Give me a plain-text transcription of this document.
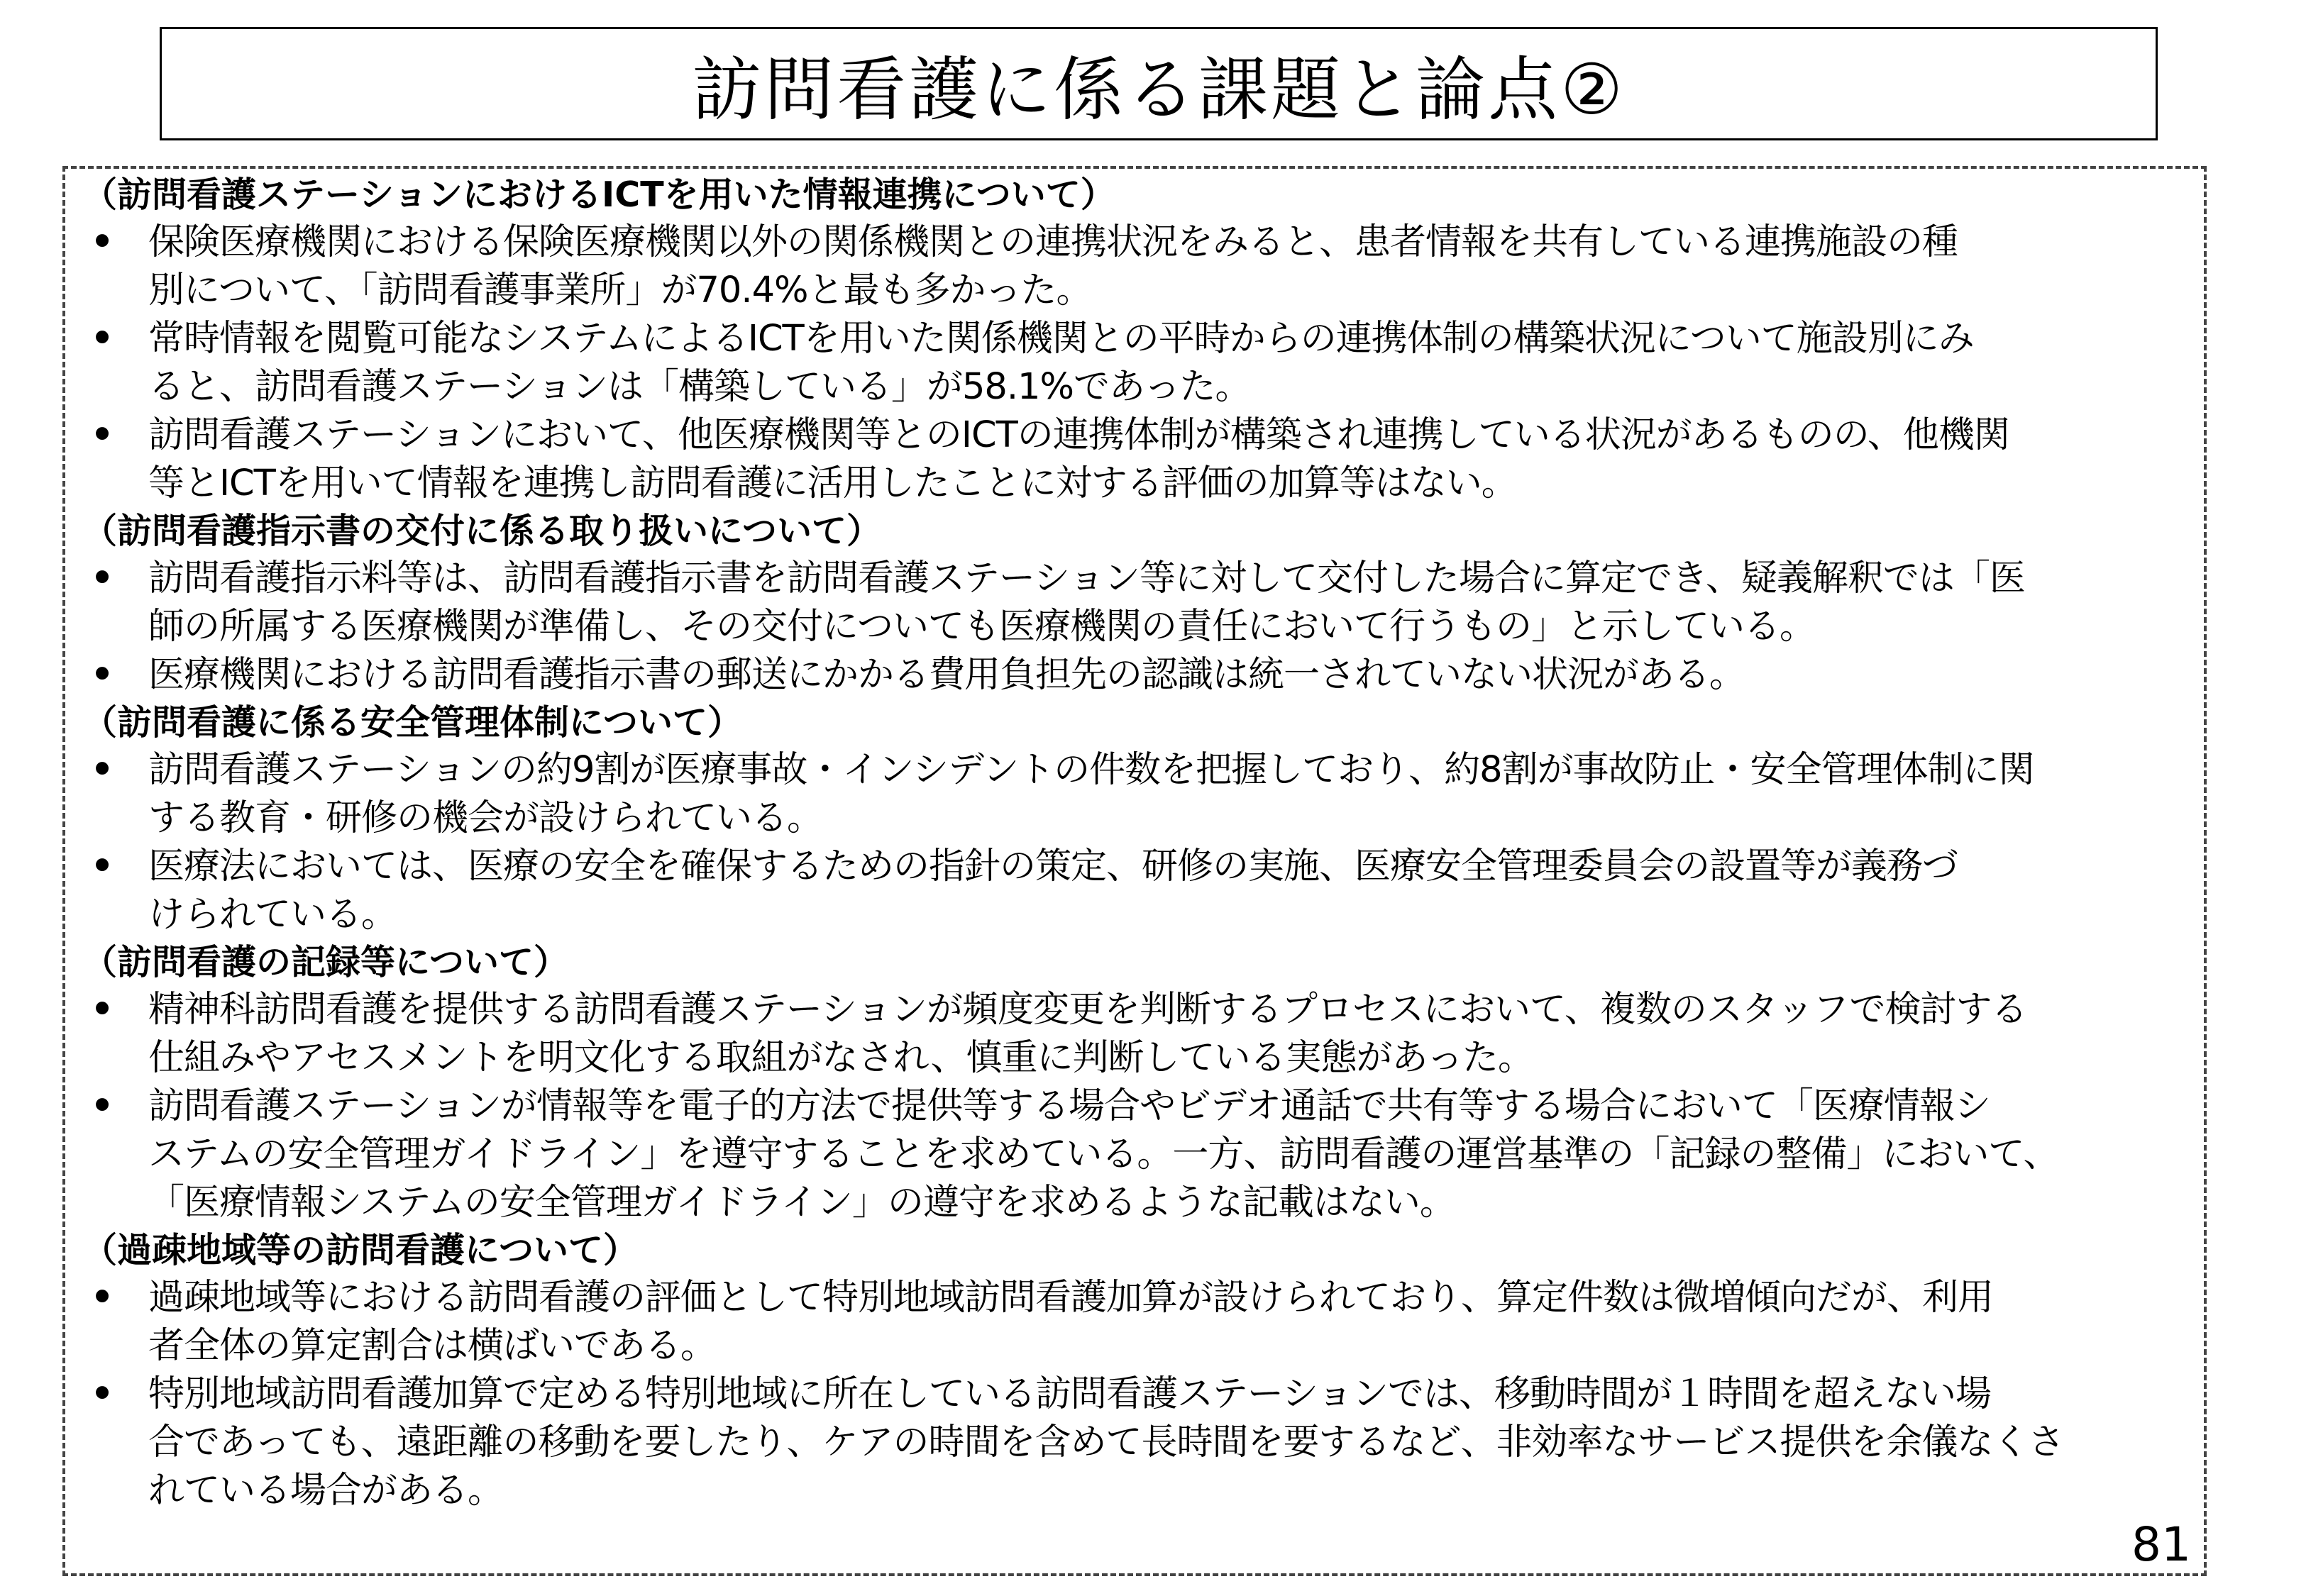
訪問看護に係る課題と論点②
（訪問看護ステーションにおけるICTを用いた情報連携について）
• 保険医療機関における保険医療機関以外の関係機関との連携状況をみると、患者情報を共有している連携施設の種
別について、「訪問看護事業所」が70.4%と最も多かった。
• 常時情報を閲覧可能なシステムによるICTを用いた関係機関との平時からの連携体制の構築状況について施設別にみ
ると、訪問看護ステーションは「構築している」が58.1%であった。
• 訪問看護ステーションにおいて、他医療機関等とのICTの連携体制が構築され連携している状況があるものの、他機関
等とICTを用いて情報を連携し訪問看護に活用したことに対する評価の加算等はない。
（訪問看護指示書の交付に係る取り扱いについて）
• 訪問看護指示料等は、訪問看護指示書を訪問看護ステーション等に対して交付した場合に算定でき、疑義解釈では「医
師の所属する医療機関が準備し、その交付についても医療機関の責任において行うもの」と示している。
• 医療機関における訪問看護指示書の郵送にかかる費用負担先の認識は統一されていない状況がある。
（訪問看護に係る安全管理体制について）
• 訪問看護ステーションの約9割が医療事故・インシデントの件数を把握しており、約8割が事故防止・安全管理体制に関
する教育・研修の機会が設けられている。
• 医療法においては、医療の安全を確保するための指針の策定、研修の実施、医療安全管理委員会の設置等が義務づ
けられている。
（訪問看護の記録等について）
• 精神科訪問看護を提供する訪問看護ステーションが頻度変更を判断するプロセスにおいて、複数のスタッフで検討する
仕組みやアセスメントを明文化する取組がなされ、慎重に判断している実態があった。
• 訪問看護ステーションが情報等を電子的方法で提供等する場合やビデオ通話で共有等する場合において「医療情報シ
ステムの安全管理ガイドライン」を遵守することを求めている。一方、訪問看護の運営基準の「記録の整備」において、
「医療情報システムの安全管理ガイドライン」の遵守を求めるような記載はない。
（過疎地域等の訪問看護について）
• 過疎地域等における訪問看護の評価として特別地域訪問看護加算が設けられており、算定件数は微増傾向だが、利用
者全体の算定割合は横ばいである。
• 特別地域訪問看護加算で定める特別地域に所在している訪問看護ステーションでは、移動時間が１時間を超えない場
合であっても、遠距離の移動を要したり、ケアの時間を含めて長時間を要するなど、非効率なサービス提供を余儀なくさ
れている場合がある。
81
